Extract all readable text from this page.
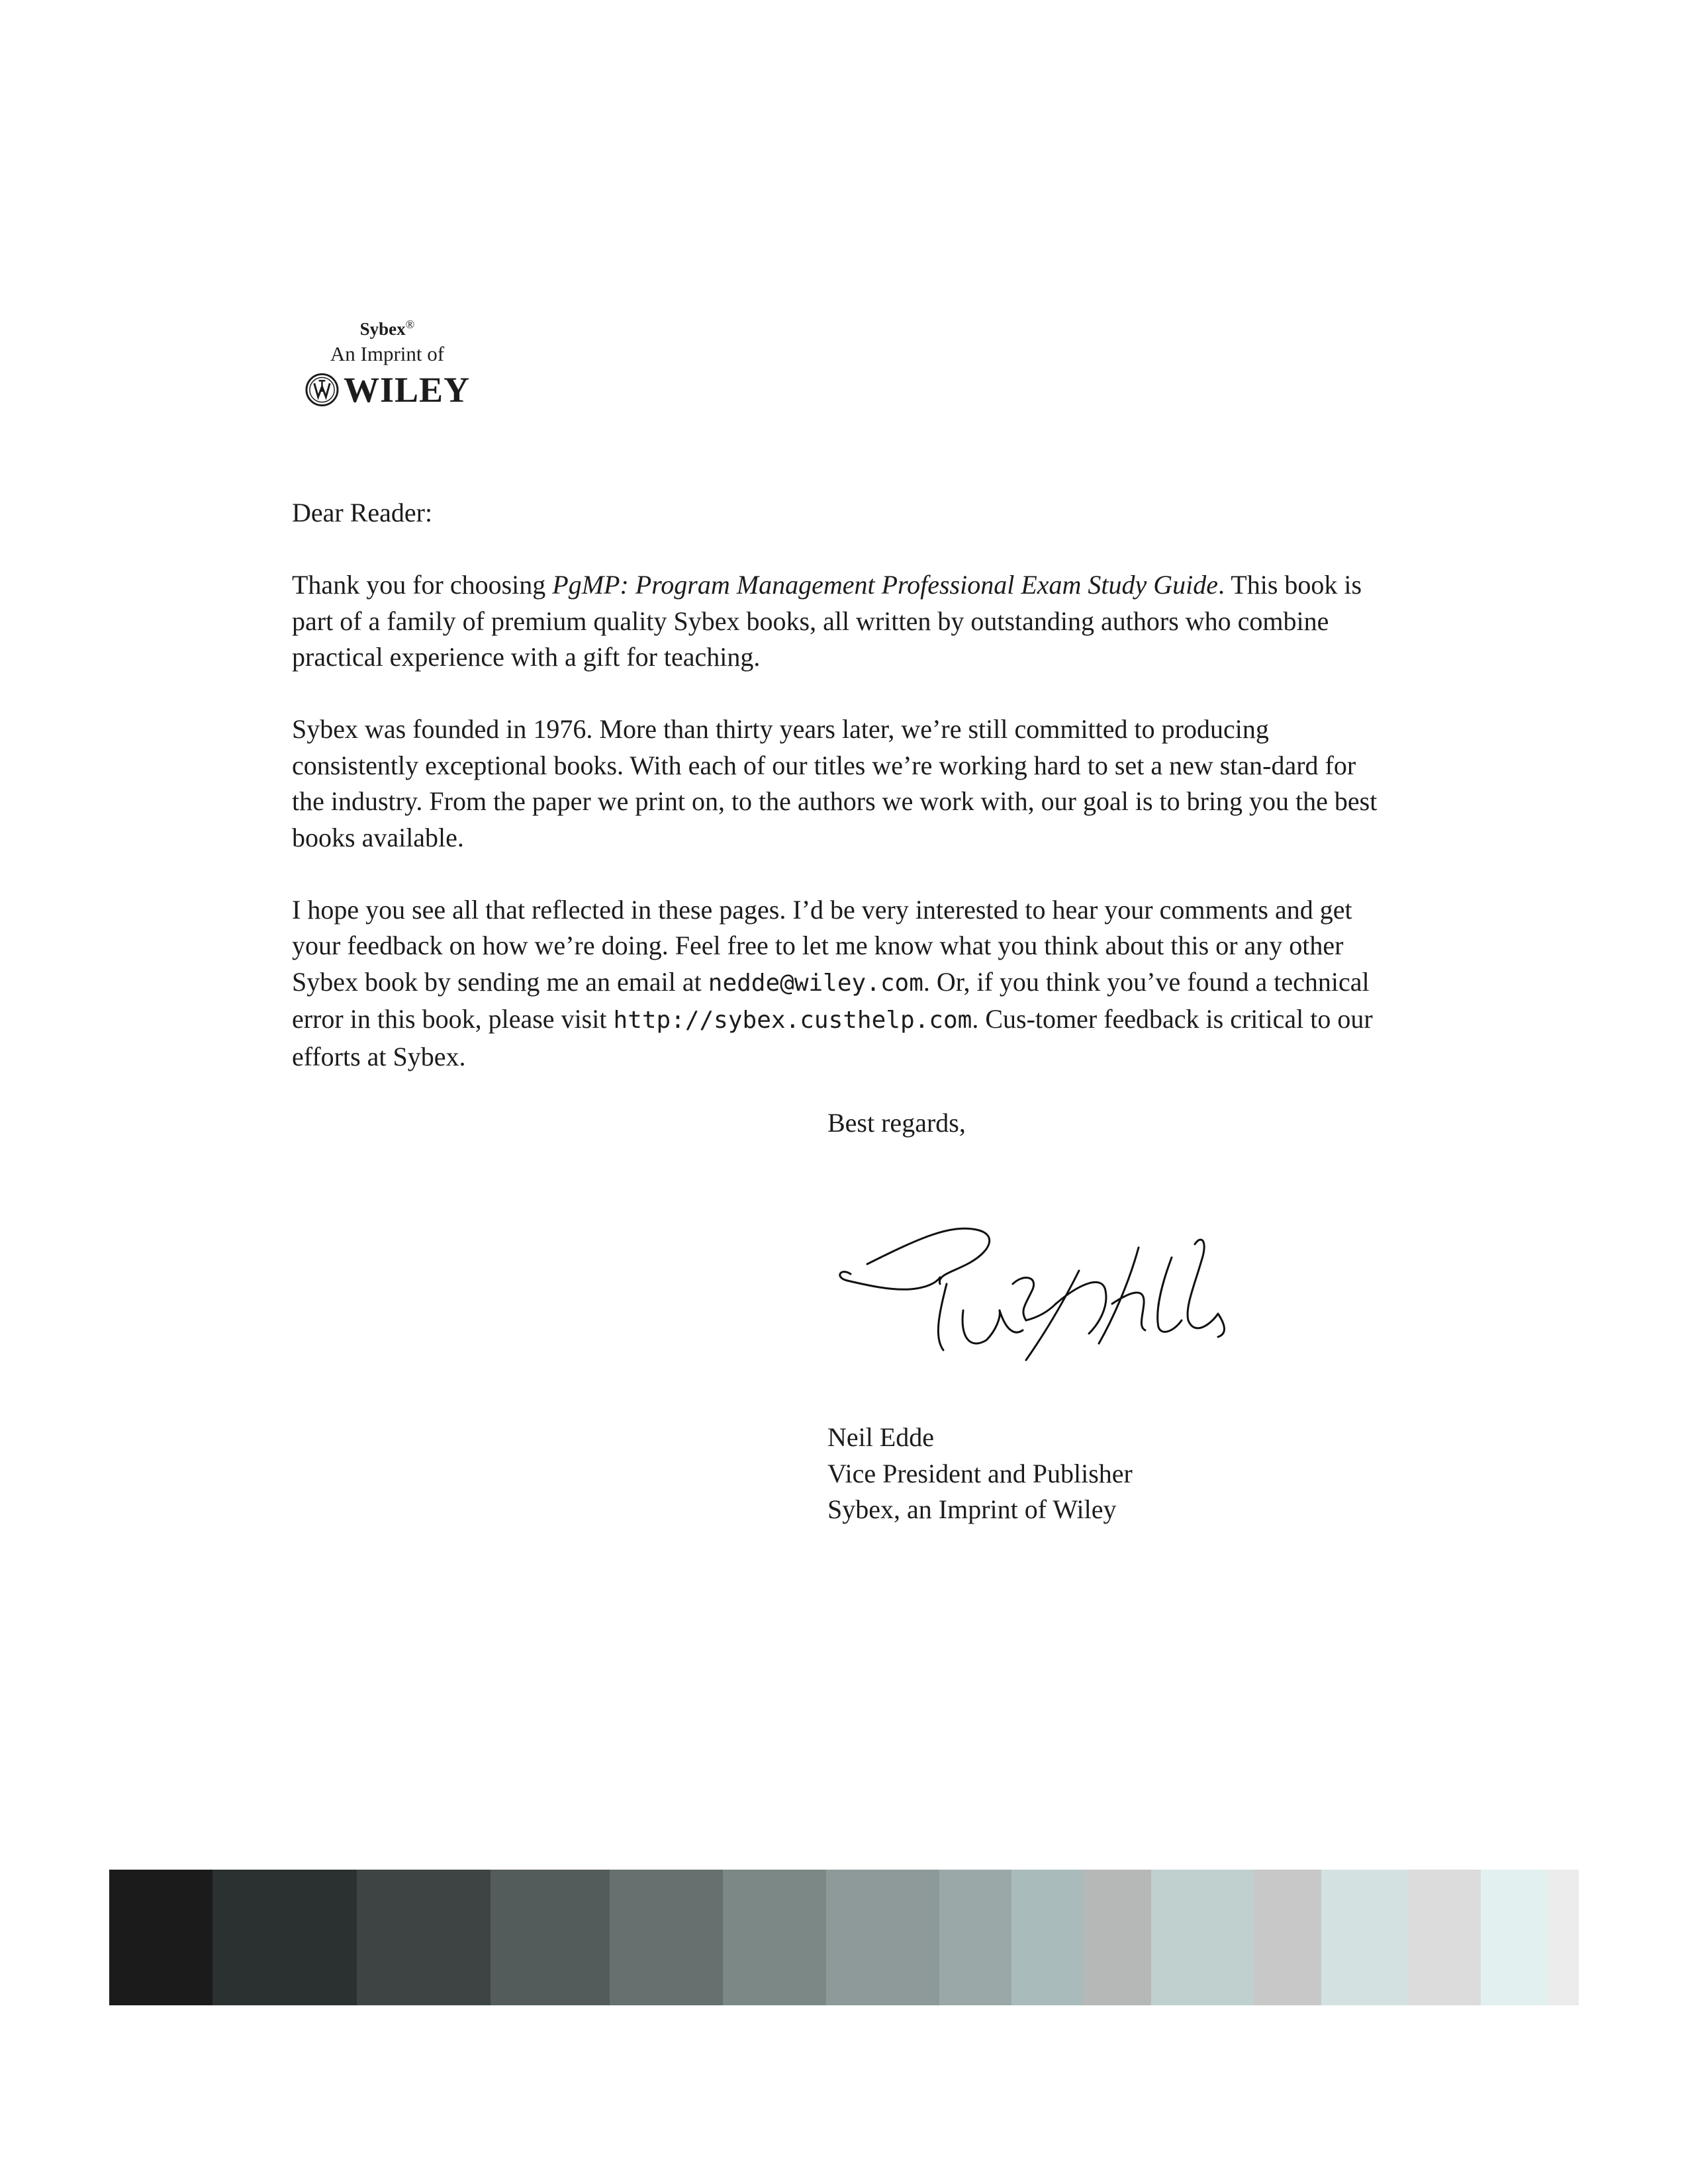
Sybex®
An Imprint of
WILEY

Dear Reader:

Thank you for choosing PgMP: Program Management Professional Exam Study Guide. This book is part of a family of premium quality Sybex books, all written by outstanding authors who combine practical experience with a gift for teaching.

Sybex was founded in 1976. More than thirty years later, we’re still committed to producing consistently exceptional books. With each of our titles we’re working hard to set a new stan-dard for the industry. From the paper we print on, to the authors we work with, our goal is to bring you the best books available.

I hope you see all that reflected in these pages. I’d be very interested to hear your comments and get your feedback on how we’re doing. Feel free to let me know what you think about this or any other Sybex book by sending me an email at nedde@wiley.com. Or, if you think you’ve found a technical error in this book, please visit http://sybex.custhelp.com. Cus-tomer feedback is critical to our efforts at Sybex.

Best regards,
Neil Edde
Vice President and Publisher
Sybex, an Imprint of Wiley
